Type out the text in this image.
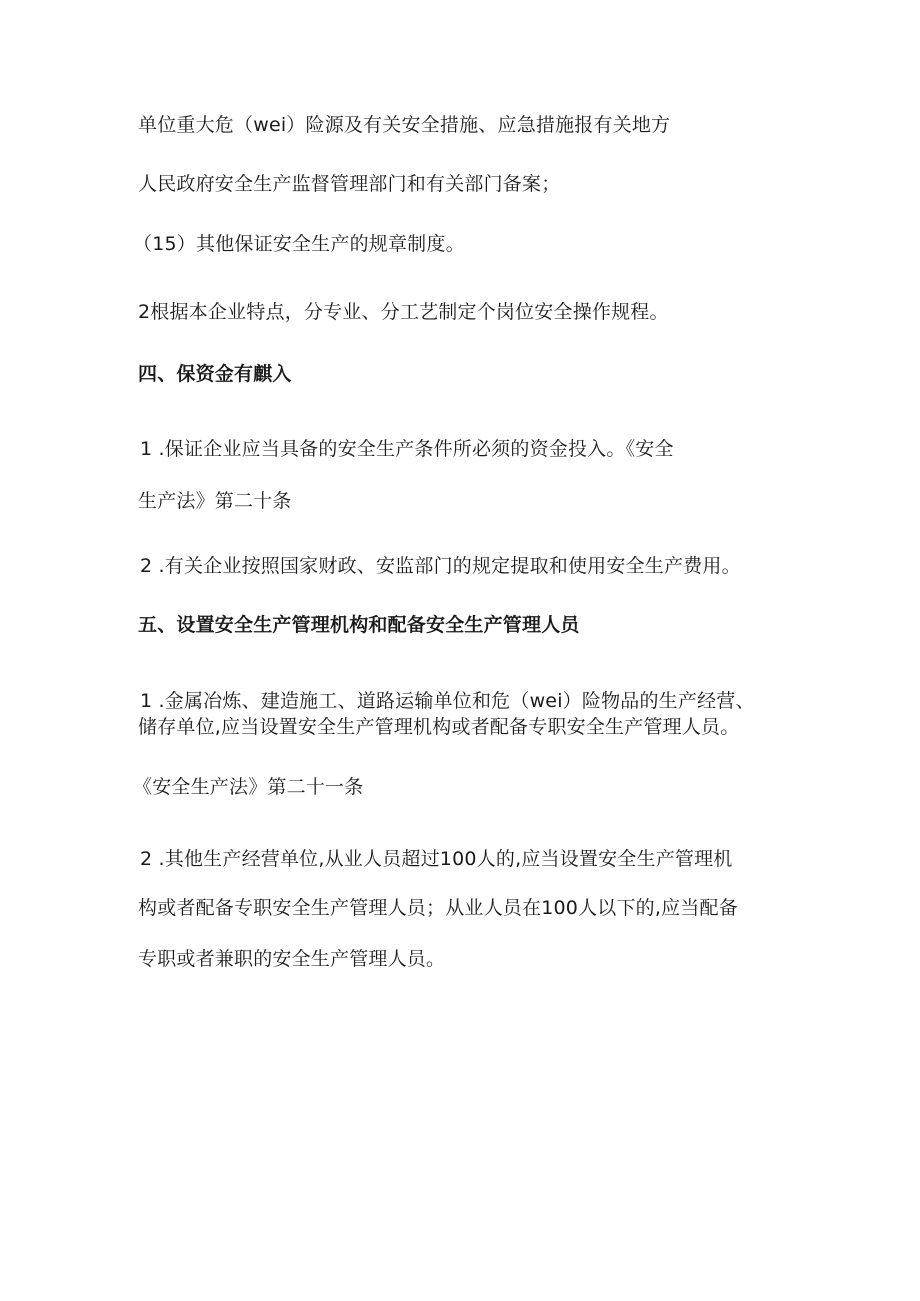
单位重大危（wei）险源及有关安全措施、应急措施报有关地方
人民政府安全生产监督管理部门和有关部门备案；
（15）其他保证安全生产的规章制度。
2根据本企业特点，分专业、分工艺制定个岗位安全操作规程。
四、保资金有麒入
1 .保证企业应当具备的安全生产条件所必须的资金投入。《安全
生产法》第二十条
2 .有关企业按照国家财政、安监部门的规定提取和使用安全生产费用。
五、设置安全生产管理机构和配备安全生产管理人员
1 .金属冶炼、建造施工、道路运输单位和危（wei）险物品的生产经营、
储存单位,应当设置安全生产管理机构或者配备专职安全生产管理人员。
《安全生产法》第二十一条
2 .其他生产经营单位,从业人员超过100人的,应当设置安全生产管理机
构或者配备专职安全生产管理人员；从业人员在100人以下的,应当配备
专职或者兼职的安全生产管理人员。
